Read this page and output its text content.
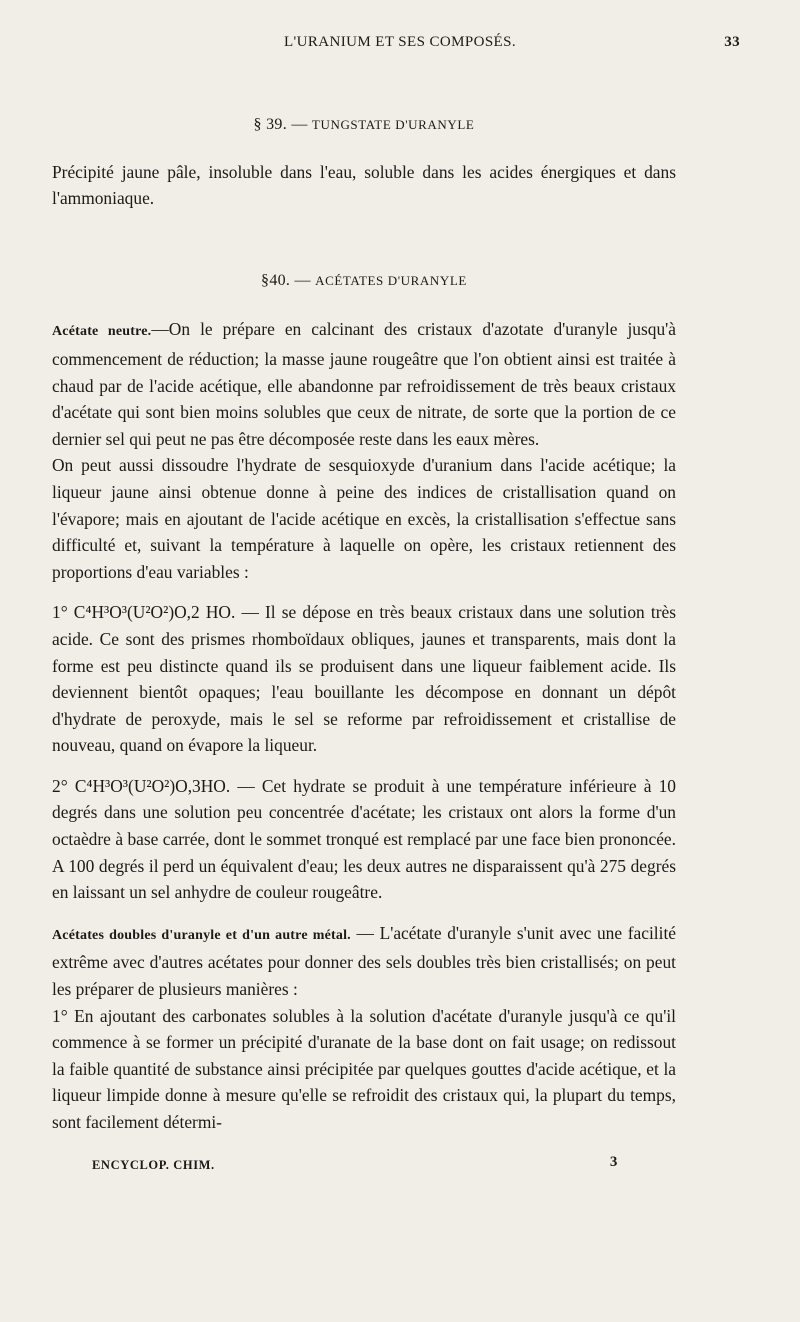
L'URANIUM ET SES COMPOSÉS.	33
§ 39. — TUNGSTATE D'URANYLE

Précipité jaune pâle, insoluble dans l'eau, soluble dans les acides énergiques et dans l'ammoniaque.

§40. — ACÉTATES D'URANYLE

Acétate neutre.—On le prépare en calcinant des cristaux d'azotate d'uranyle jusqu'à commencement de réduction; la masse jaune rougeâtre que l'on obtient ainsi est traitée à chaud par de l'acide acétique, elle abandonne par refroidissement de très beaux cristaux d'acétate qui sont bien moins solubles que ceux de nitrate, de sorte que la portion de ce dernier sel qui peut ne pas être décomposée reste dans les eaux mères.

On peut aussi dissoudre l'hydrate de sesquioxyde d'uranium dans l'acide acétique; la liqueur jaune ainsi obtenue donne à peine des indices de cristallisation quand on l'évapore; mais en ajoutant de l'acide acétique en excès, la cristallisation s'effectue sans difficulté et, suivant la température à laquelle on opère, les cristaux retiennent des proportions d'eau variables :

1° C⁴H³O³(U²O²)O,2 HO. — Il se dépose en très beaux cristaux dans une solution très acide. Ce sont des prismes rhomboïdaux obliques, jaunes et transparents, mais dont la forme est peu distincte quand ils se produisent dans une liqueur faiblement acide. Ils deviennent bientôt opaques; l'eau bouillante les décompose en donnant un dépôt d'hydrate de peroxyde, mais le sel se reforme par refroidissement et cristallise de nouveau, quand on évapore la liqueur.

2° C⁴H³O³(U²O²)O,3HO. — Cet hydrate se produit à une température inférieure à 10 degrés dans une solution peu concentrée d'acétate; les cristaux ont alors la forme d'un octaèdre à base carrée, dont le sommet tronqué est remplacé par une face bien prononcée. A 100 degrés il perd un équivalent d'eau; les deux autres ne disparaissent qu'à 275 degrés en laissant un sel anhydre de couleur rougeâtre.

Acétates doubles d'uranyle et d'un autre métal. — L'acétate d'uranyle s'unit avec une facilité extrême avec d'autres acétates pour donner des sels doubles très bien cristallisés; on peut les préparer de plusieurs manières :

1° En ajoutant des carbonates solubles à la solution d'acétate d'uranyle jusqu'à ce qu'il commence à se former un précipité d'uranate de la base dont on fait usage; on redissout la faible quantité de substance ainsi précipitée par quelques gouttes d'acide acétique, et la liqueur limpide donne à mesure qu'elle se refroidit des cristaux qui, la plupart du temps, sont facilement détermi-

ENCYCLOP. CHIM.	3
